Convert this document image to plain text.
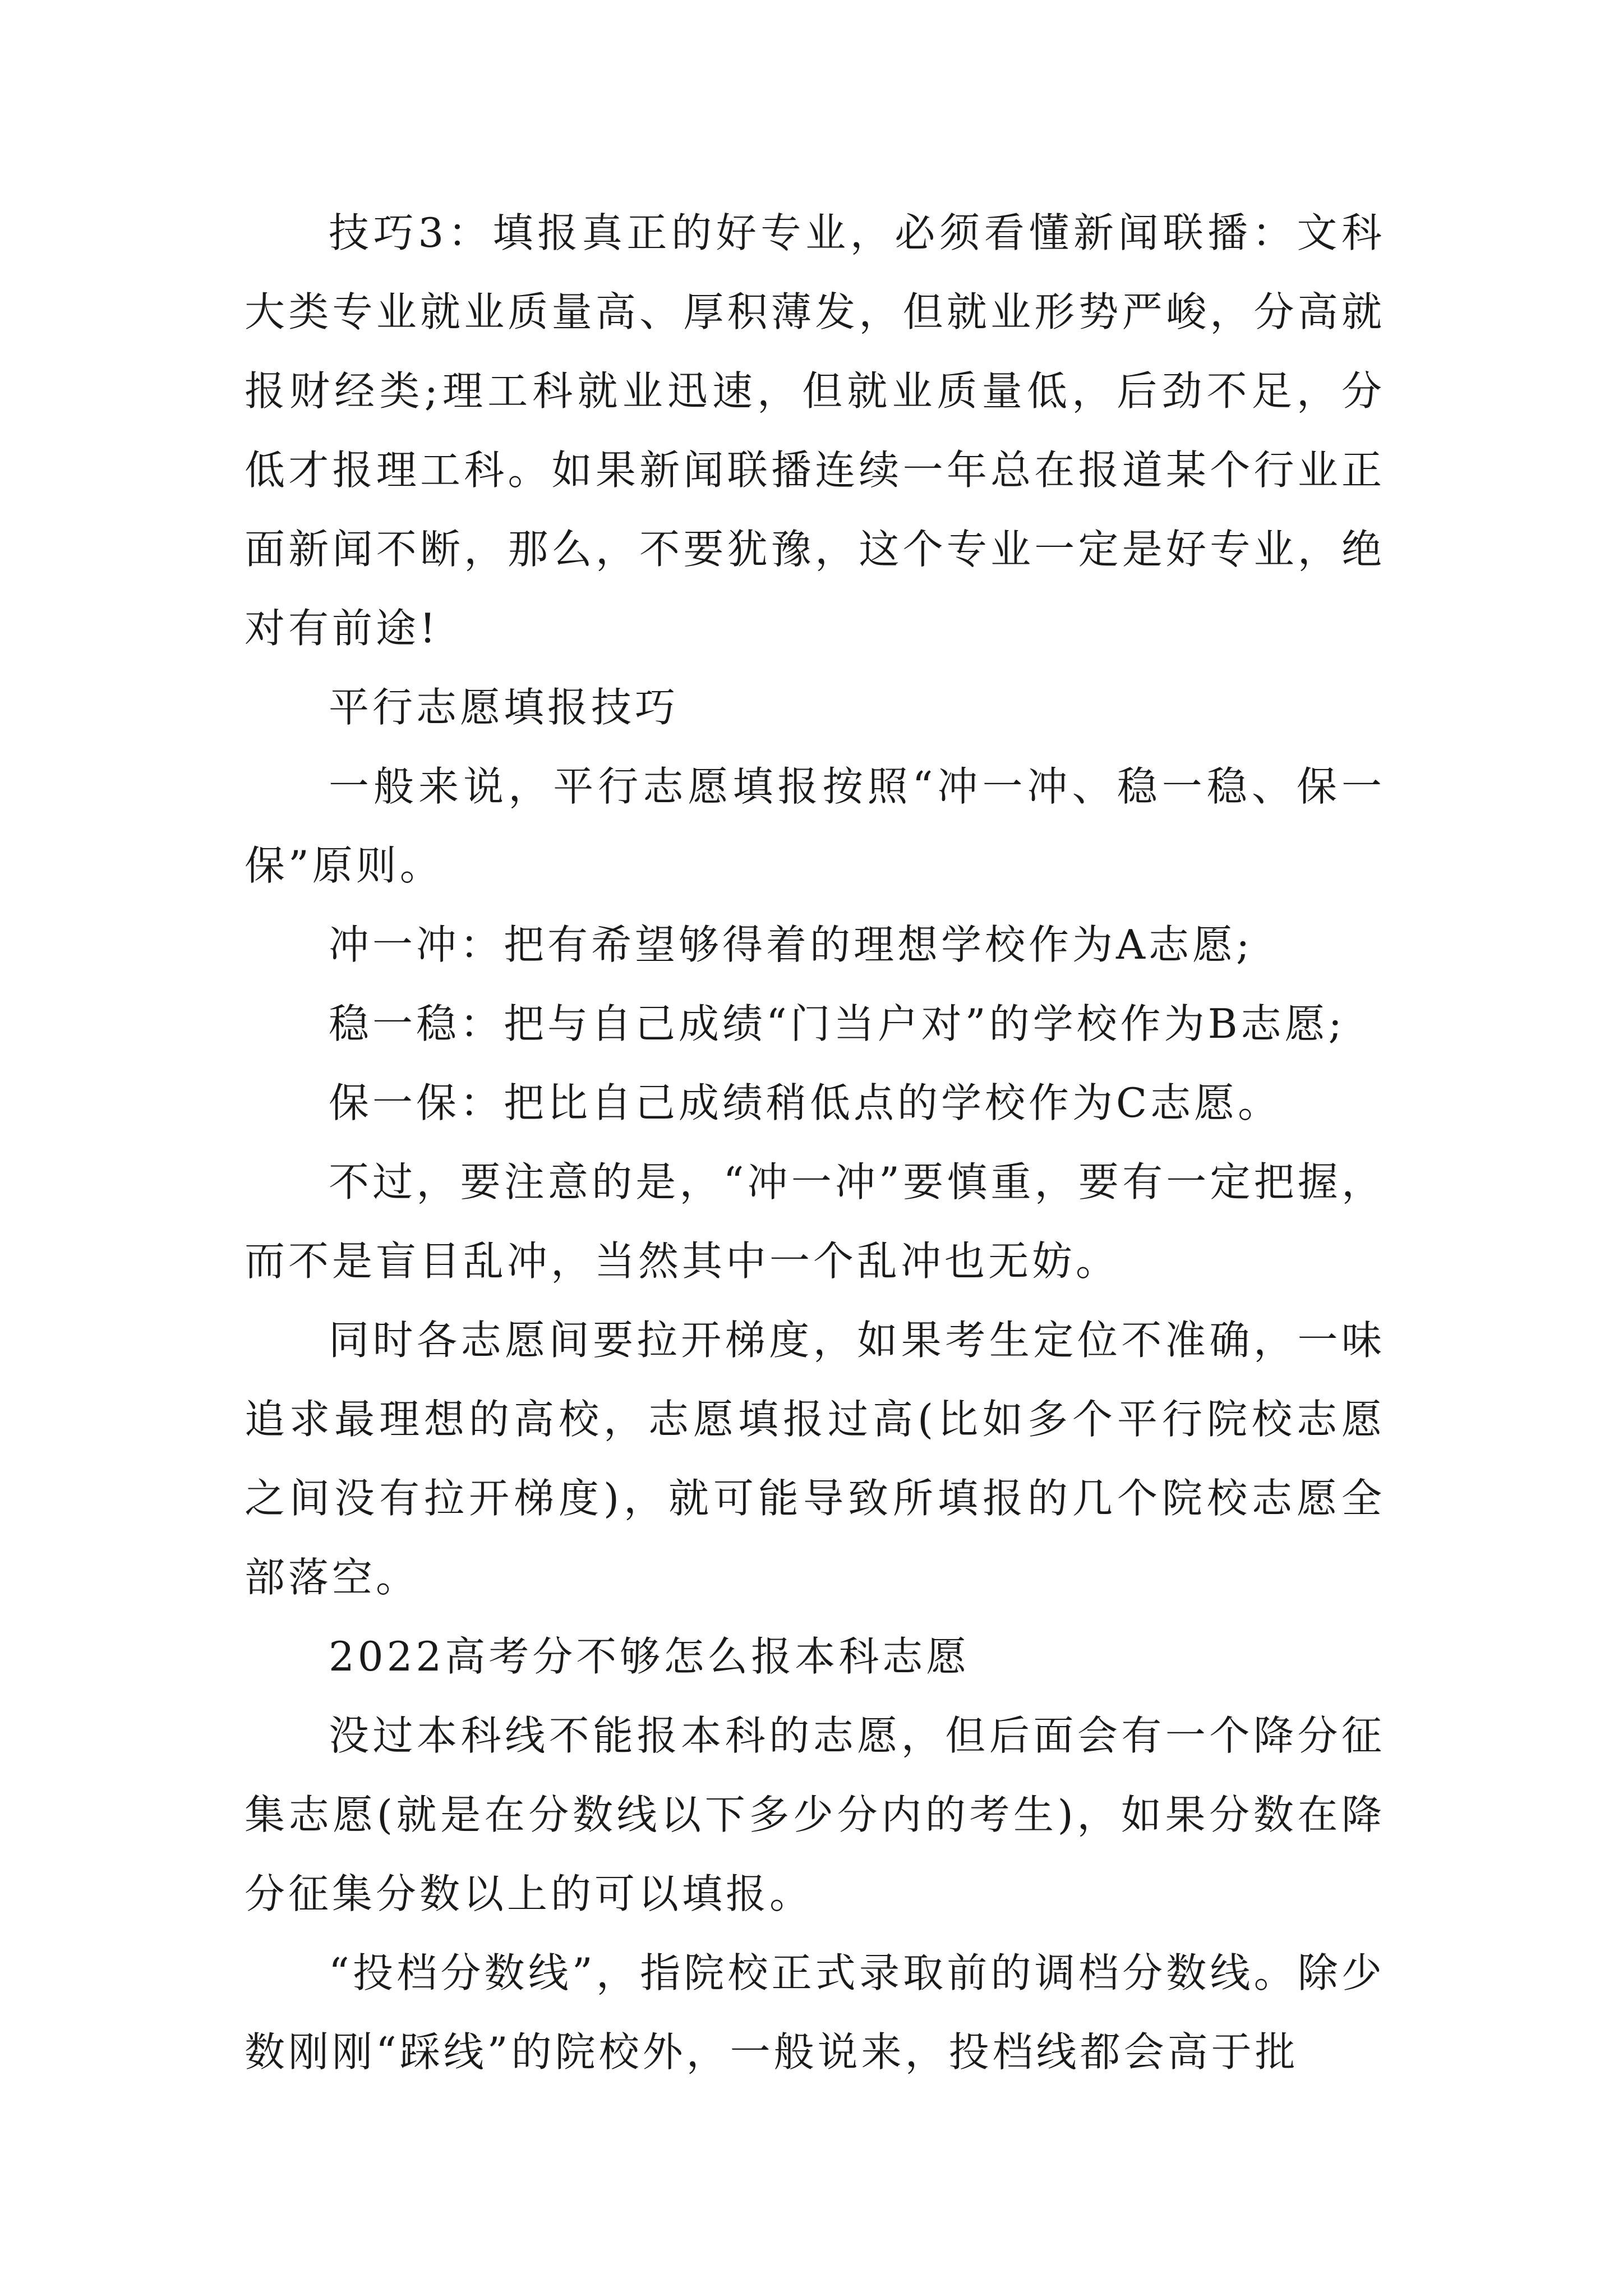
技巧3：填报真正的好专业，必须看懂新闻联播：文科大类专业就业质量高、厚积薄发，但就业形势严峻，分高就报财经类;理工科就业迅速，但就业质量低，后劲不足，分低才报理工科。如果新闻联播连续一年总在报道某个行业正面新闻不断，那么，不要犹豫，这个专业一定是好专业，绝对有前途!

平行志愿填报技巧

一般来说，平行志愿填报按照“冲一冲、稳一稳、保一保”原则。

冲一冲：把有希望够得着的理想学校作为A志愿;

稳一稳：把与自己成绩“门当户对”的学校作为B志愿;

保一保：把比自己成绩稍低点的学校作为C志愿。

不过，要注意的是，“冲一冲”要慎重，要有一定把握，而不是盲目乱冲，当然其中一个乱冲也无妨。

同时各志愿间要拉开梯度，如果考生定位不准确，一味追求最理想的高校，志愿填报过高(比如多个平行院校志愿之间没有拉开梯度)，就可能导致所填报的几个院校志愿全部落空。

2022高考分不够怎么报本科志愿

没过本科线不能报本科的志愿，但后面会有一个降分征集志愿(就是在分数线以下多少分内的考生)，如果分数在降分征集分数以上的可以填报。

“投档分数线”，指院校正式录取前的调档分数线。除少数刚刚“踩线”的院校外，一般说来，投档线都会高于批
